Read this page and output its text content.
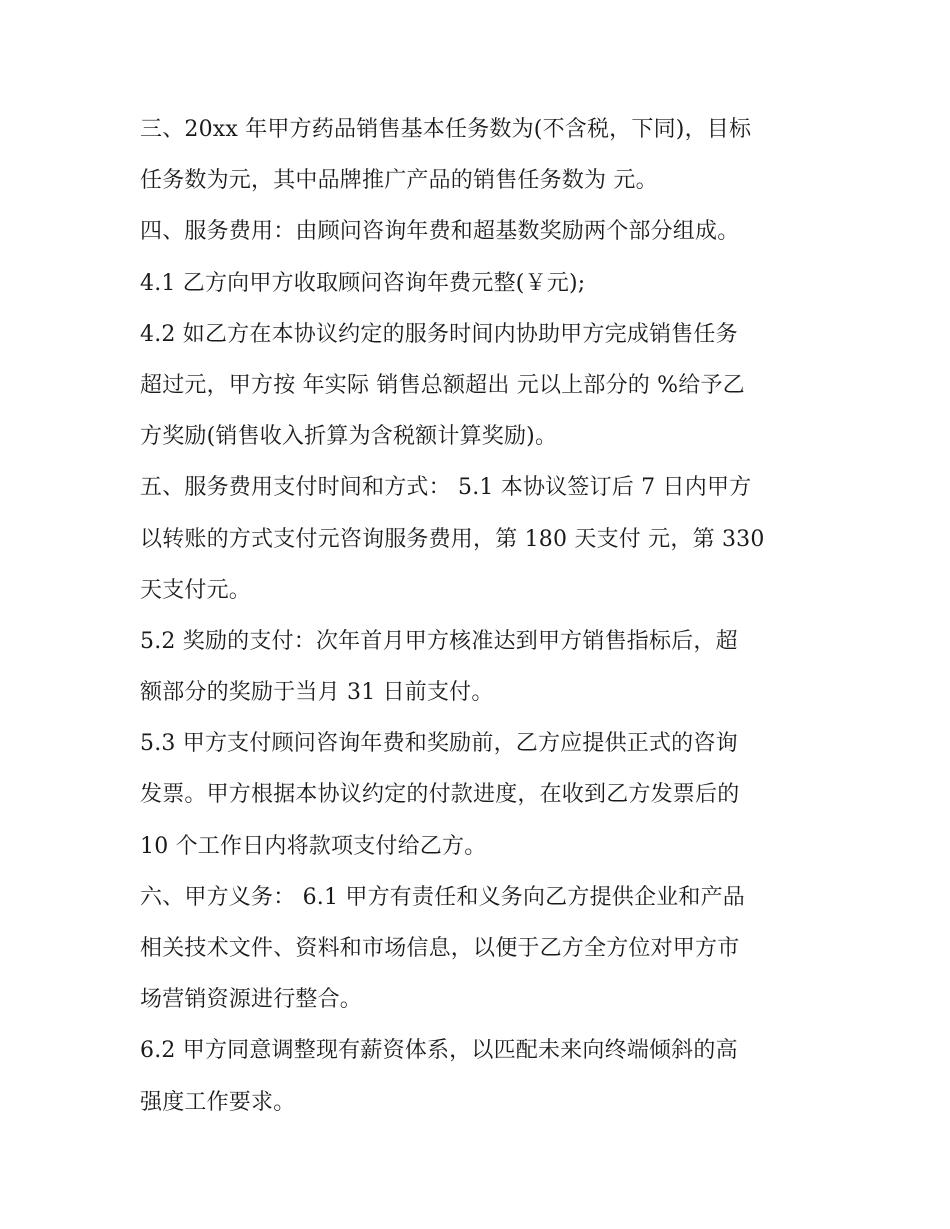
三、20xx 年甲方药品销售基本任务数为(不含税，下同)，目标
任务数为元，其中品牌推广产品的销售任务数为 元。
四、服务费用：由顾问咨询年费和超基数奖励两个部分组成。
4.1 乙方向甲方收取顾问咨询年费元整(￥元);
4.2 如乙方在本协议约定的服务时间内协助甲方完成销售任务
超过元，甲方按 年实际 销售总额超出 元以上部分的 %给予乙
方奖励(销售收入折算为含税额计算奖励)。
五、服务费用支付时间和方式： 5.1 本协议签订后 7 日内甲方
以转账的方式支付元咨询服务费用，第 180 天支付 元，第 330
天支付元。
5.2 奖励的支付：次年首月甲方核准达到甲方销售指标后，超
额部分的奖励于当月 31 日前支付。
5.3 甲方支付顾问咨询年费和奖励前，乙方应提供正式的咨询
发票。甲方根据本协议约定的付款进度，在收到乙方发票后的
10 个工作日内将款项支付给乙方。
六、甲方义务： 6.1 甲方有责任和义务向乙方提供企业和产品
相关技术文件、资料和市场信息，以便于乙方全方位对甲方市
场营销资源进行整合。
6.2 甲方同意调整现有薪资体系，以匹配未来向终端倾斜的高
强度工作要求。
